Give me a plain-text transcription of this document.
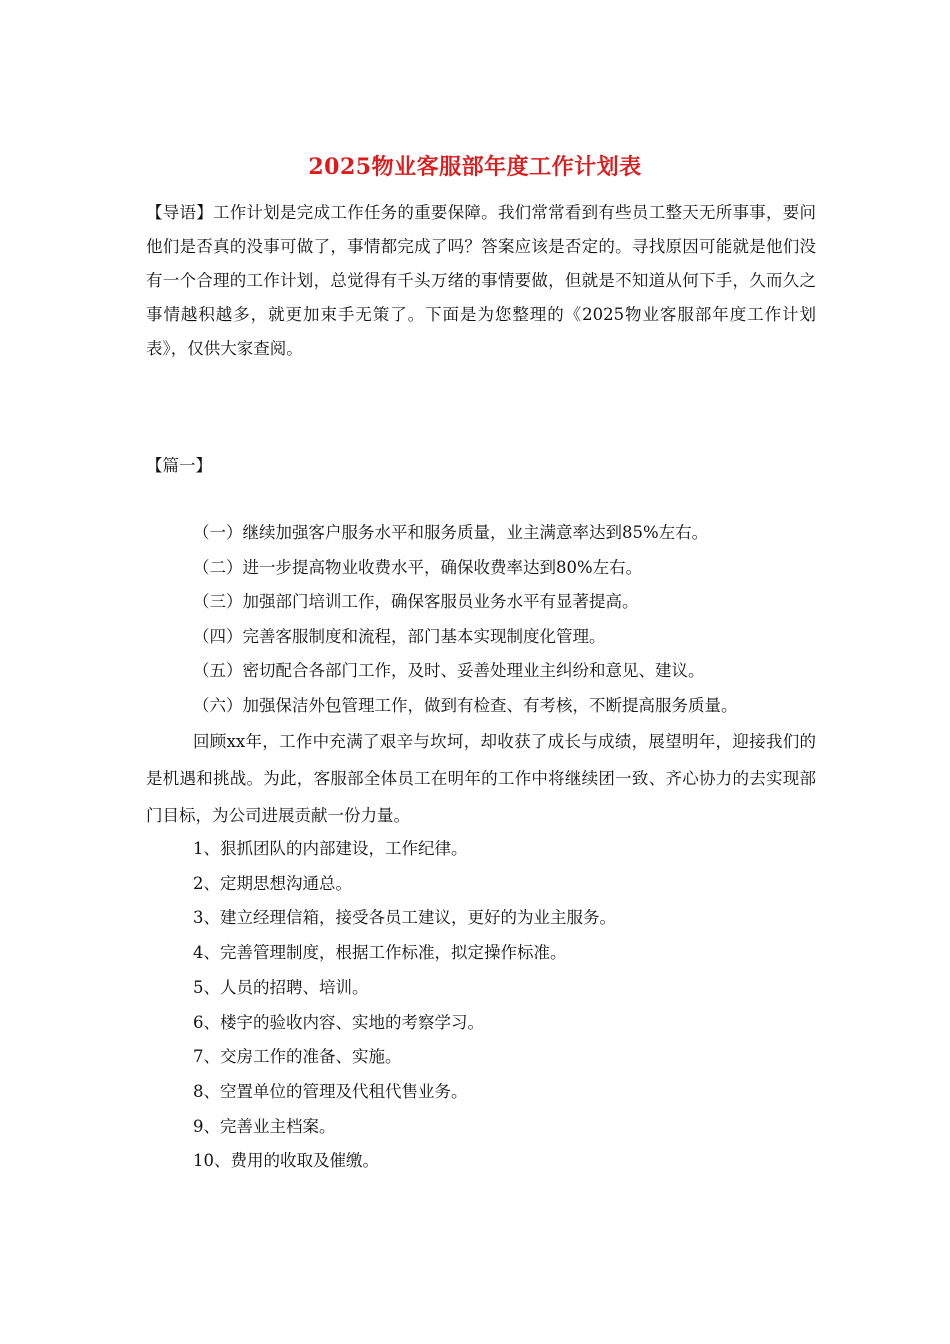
2025物业客服部年度工作计划表
【导语】工作计划是完成工作任务的重要保障。我们常常看到有些员工整天无所事事，要问他们是否真的没事可做了，事情都完成了吗？答案应该是否定的。寻找原因可能就是他们没有一个合理的工作计划，总觉得有千头万绪的事情要做，但就是不知道从何下手，久而久之事情越积越多，就更加束手无策了。下面是为您整理的《2025物业客服部年度工作计划表》，仅供大家查阅。
【篇一】
（一）继续加强客户服务水平和服务质量，业主满意率达到85%左右。
（二）进一步提高物业收费水平，确保收费率达到80%左右。
（三）加强部门培训工作，确保客服员业务水平有显著提高。
（四）完善客服制度和流程，部门基本实现制度化管理。
（五）密切配合各部门工作，及时、妥善处理业主纠纷和意见、建议。
（六）加强保洁外包管理工作，做到有检查、有考核，不断提高服务质量。
回顾xx年，工作中充满了艰辛与坎坷，却收获了成长与成绩，展望明年，迎接我们的是机遇和挑战。为此，客服部全体员工在明年的工作中将继续团一致、齐心协力的去实现部门目标，为公司进展贡献一份力量。
1、狠抓团队的内部建设，工作纪律。
2、定期思想沟通总。
3、建立经理信箱，接受各员工建议，更好的为业主服务。
4、完善管理制度，根据工作标准，拟定操作标准。
5、人员的招聘、培训。
6、楼宇的验收内容、实地的考察学习。
7、交房工作的准备、实施。
8、空置单位的管理及代租代售业务。
9、完善业主档案。
10、费用的收取及催缴。
